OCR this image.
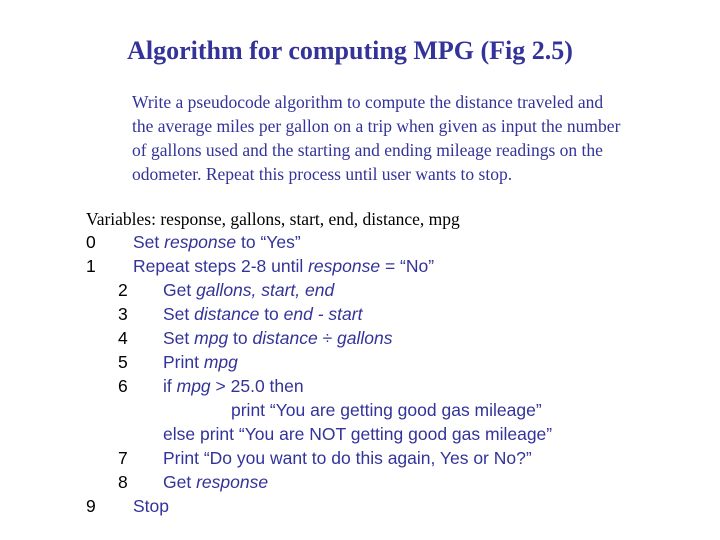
Algorithm for computing MPG (Fig 2.5)
Write a pseudocode algorithm to compute the distance traveled and
the average miles per gallon on a trip when given as input the number
of gallons used and the starting and ending mileage readings on the
odometer. Repeat this process until user wants to stop.
Variables: response, gallons, start, end, distance, mpg
0 Set response to “Yes”
1 Repeat steps 2-8 until response = “No”
2 Get gallons, start, end
3 Set distance to end - start
4 Set mpg to distance ÷ gallons
5 Print mpg
6 if mpg > 25.0 then
print “You are getting good gas mileage”
else print “You are NOT getting good gas mileage”
7 Print “Do you want to do this again, Yes or No?”
8 Get response
9 Stop
